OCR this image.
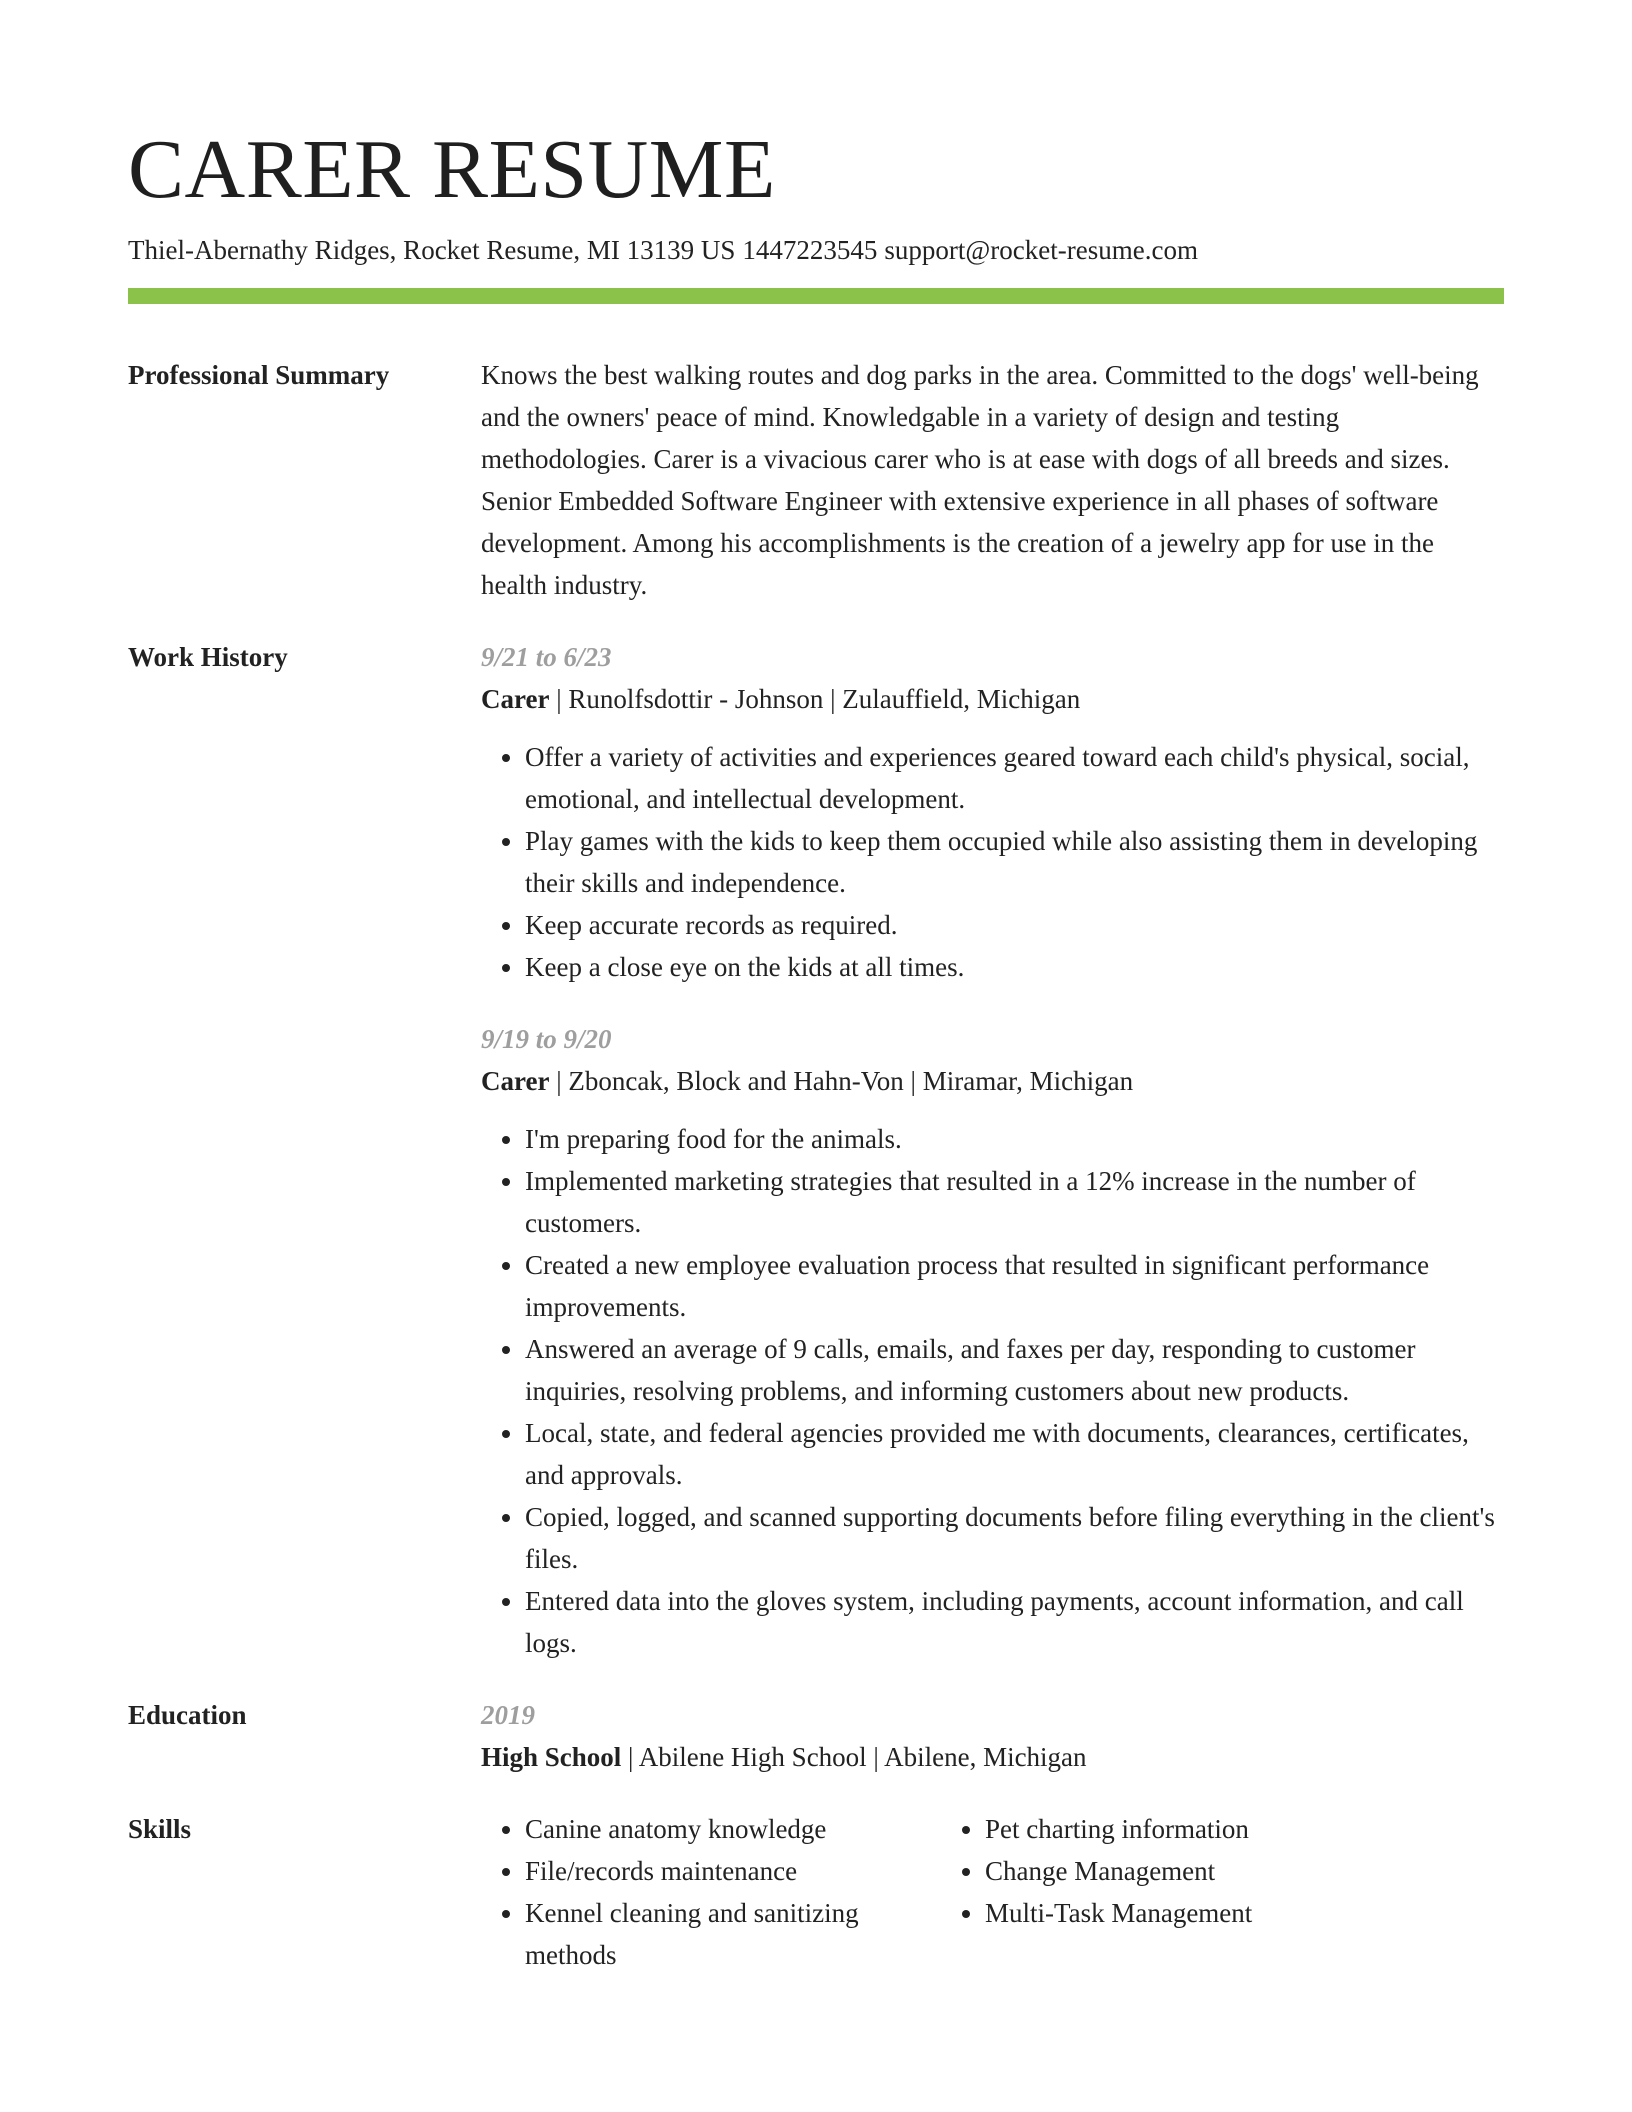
CARER RESUME
Thiel-Abernathy Ridges, Rocket Resume, MI 13139 US 1447223545 support@rocket-resume.com
Professional Summary	Knows the best walking routes and dog parks in the area. Committed to the dogs' well-being and the owners' peace of mind. Knowledgable in a variety of design and testing methodologies. Carer is a vivacious carer who is at ease with dogs of all breeds and sizes. Senior Embedded Software Engineer with extensive experience in all phases of software development. Among his accomplishments is the creation of a jewelry app for use in the health industry.

Work History	9/21 to 6/23
Carer | Runolfsdottir - Johnson | Zulauffield, Michigan
• Offer a variety of activities and experiences geared toward each child's physical, social, emotional, and intellectual development.
• Play games with the kids to keep them occupied while also assisting them in developing their skills and independence.
• Keep accurate records as required.
• Keep a close eye on the kids at all times.
9/19 to 9/20
Carer | Zboncak, Block and Hahn-Von | Miramar, Michigan
• I'm preparing food for the animals.
• Implemented marketing strategies that resulted in a 12% increase in the number of customers.
• Created a new employee evaluation process that resulted in significant performance improvements.
• Answered an average of 9 calls, emails, and faxes per day, responding to customer inquiries, resolving problems, and informing customers about new products.
• Local, state, and federal agencies provided me with documents, clearances, certificates, and approvals.
• Copied, logged, and scanned supporting documents before filing everything in the client's files.
• Entered data into the gloves system, including payments, account information, and call logs.
Education	2019
High School | Abilene High School | Abilene, Michigan
Skills
•	Canine anatomy knowledge
• File/records maintenance
• Kennel cleaning and sanitizing methods
• Pet charting information
• Change Management
• Multi-Task Management
